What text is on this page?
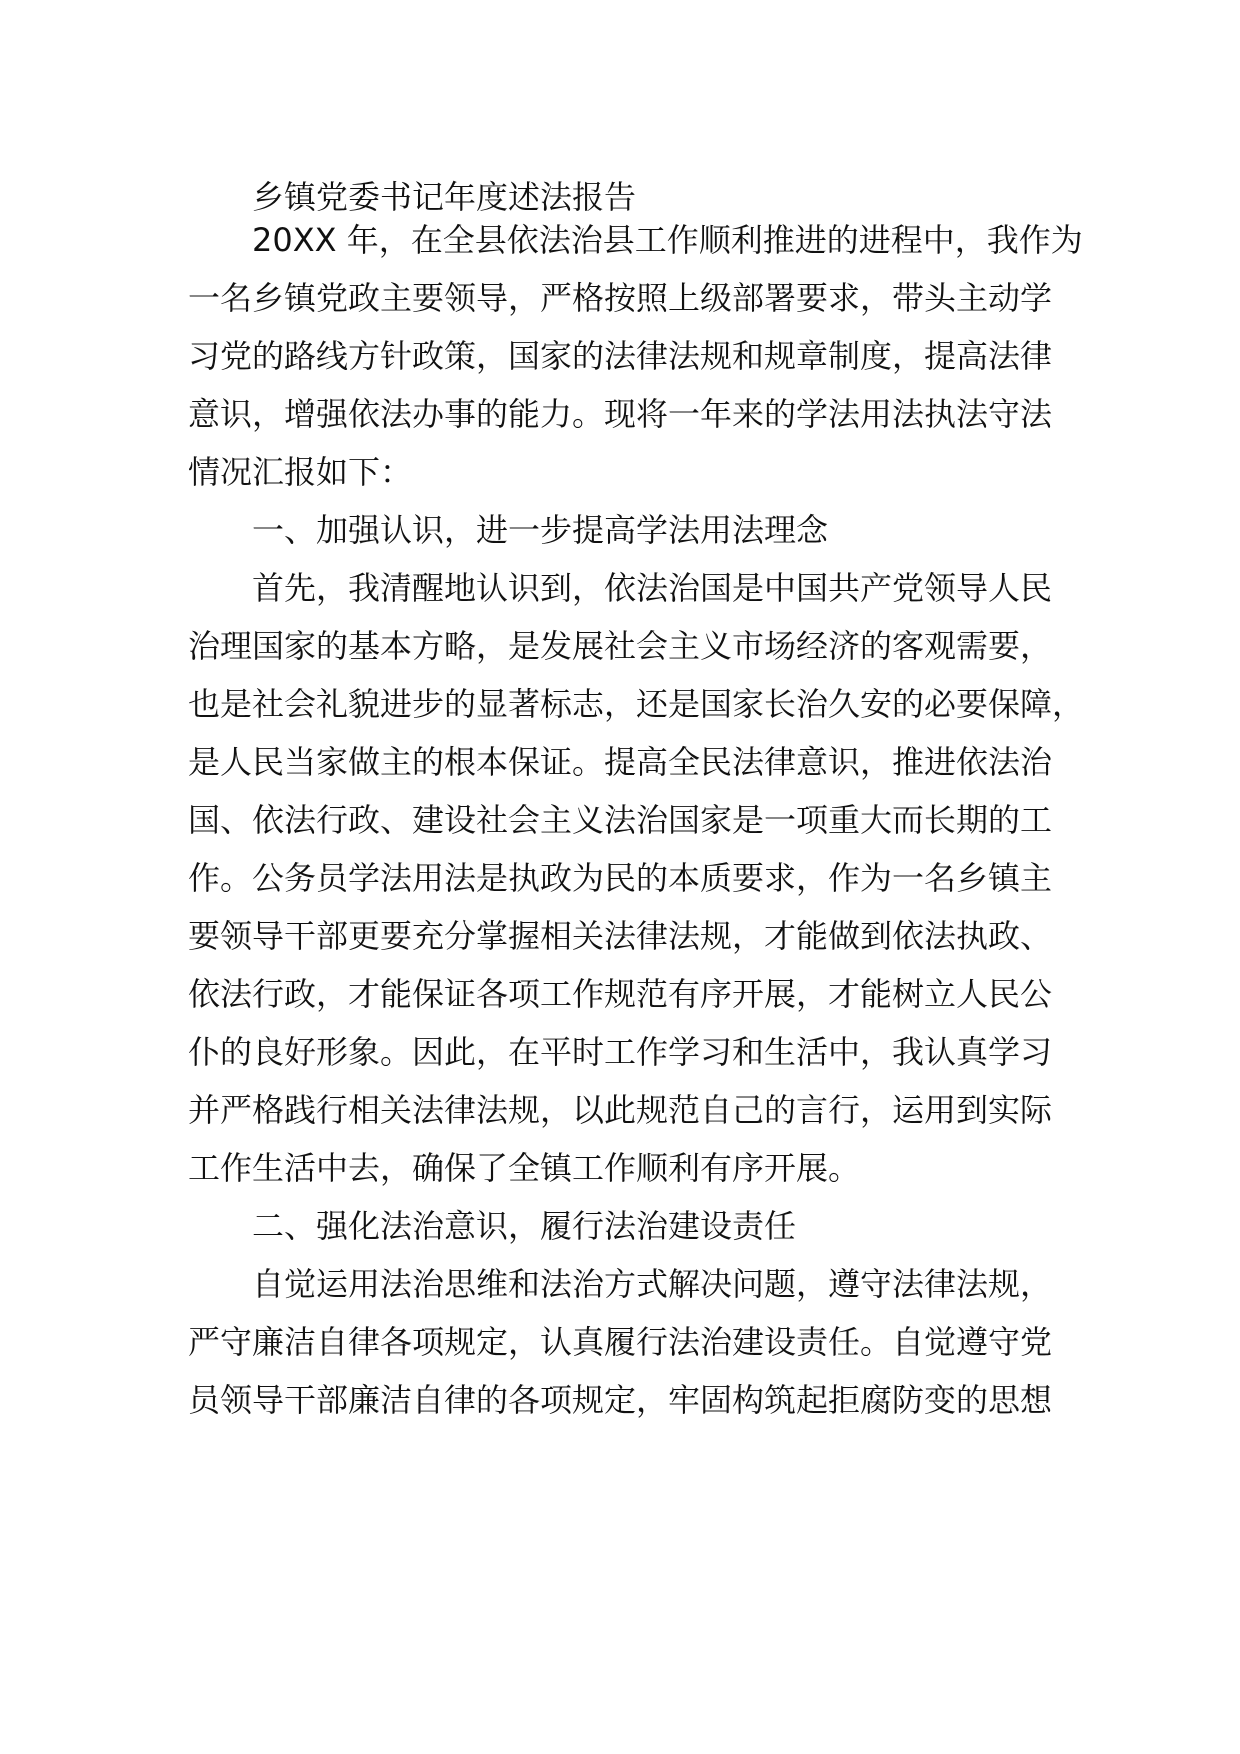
乡镇党委书记年度述法报告
20XX 年，在全县依法治县工作顺利推进的进程中，我作为
一名乡镇党政主要领导，严格按照上级部署要求，带头主动学
习党的路线方针政策，国家的法律法规和规章制度，提高法律
意识，增强依法办事的能力。现将一年来的学法用法执法守法
情况汇报如下：
一、加强认识，进一步提高学法用法理念
首先，我清醒地认识到，依法治国是中国共产党领导人民
治理国家的基本方略，是发展社会主义市场经济的客观需要，
也是社会礼貌进步的显著标志，还是国家长治久安的必要保障，
是人民当家做主的根本保证。提高全民法律意识，推进依法治
国、依法行政、建设社会主义法治国家是一项重大而长期的工
作。公务员学法用法是执政为民的本质要求，作为一名乡镇主
要领导干部更要充分掌握相关法律法规，才能做到依法执政、
依法行政，才能保证各项工作规范有序开展，才能树立人民公
仆的良好形象。因此，在平时工作学习和生活中，我认真学习
并严格践行相关法律法规，以此规范自己的言行，运用到实际
工作生活中去，确保了全镇工作顺利有序开展。
二、强化法治意识，履行法治建设责任
自觉运用法治思维和法治方式解决问题，遵守法律法规，
严守廉洁自律各项规定，认真履行法治建设责任。自觉遵守党
员领导干部廉洁自律的各项规定，牢固构筑起拒腐防变的思想
